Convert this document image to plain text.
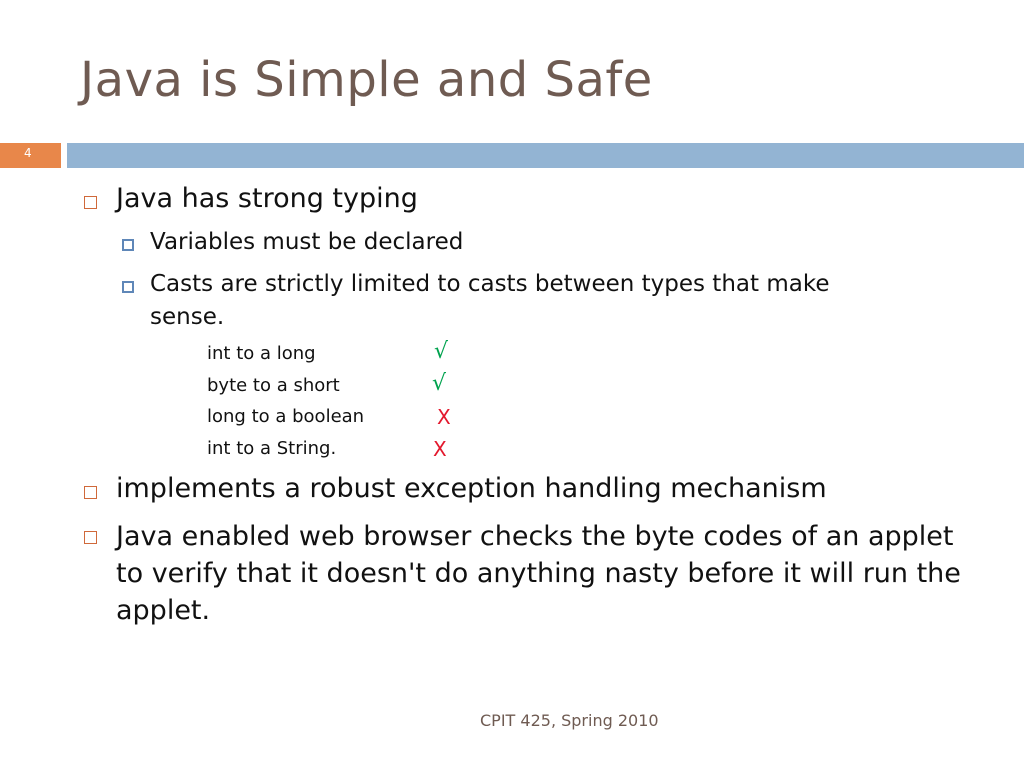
Java is Simple and Safe
4
Java has strong typing
Variables must be declared
Casts are strictly limited to casts between types that make
sense.
int to a long	√
byte to a short	√
long to a boolean	X
int to a String.	X
implements a robust exception handling mechanism
Java enabled web browser checks the byte codes of an applet to verify that it doesn't do anything nasty before it will run the applet.
CPIT 425, Spring 2010
